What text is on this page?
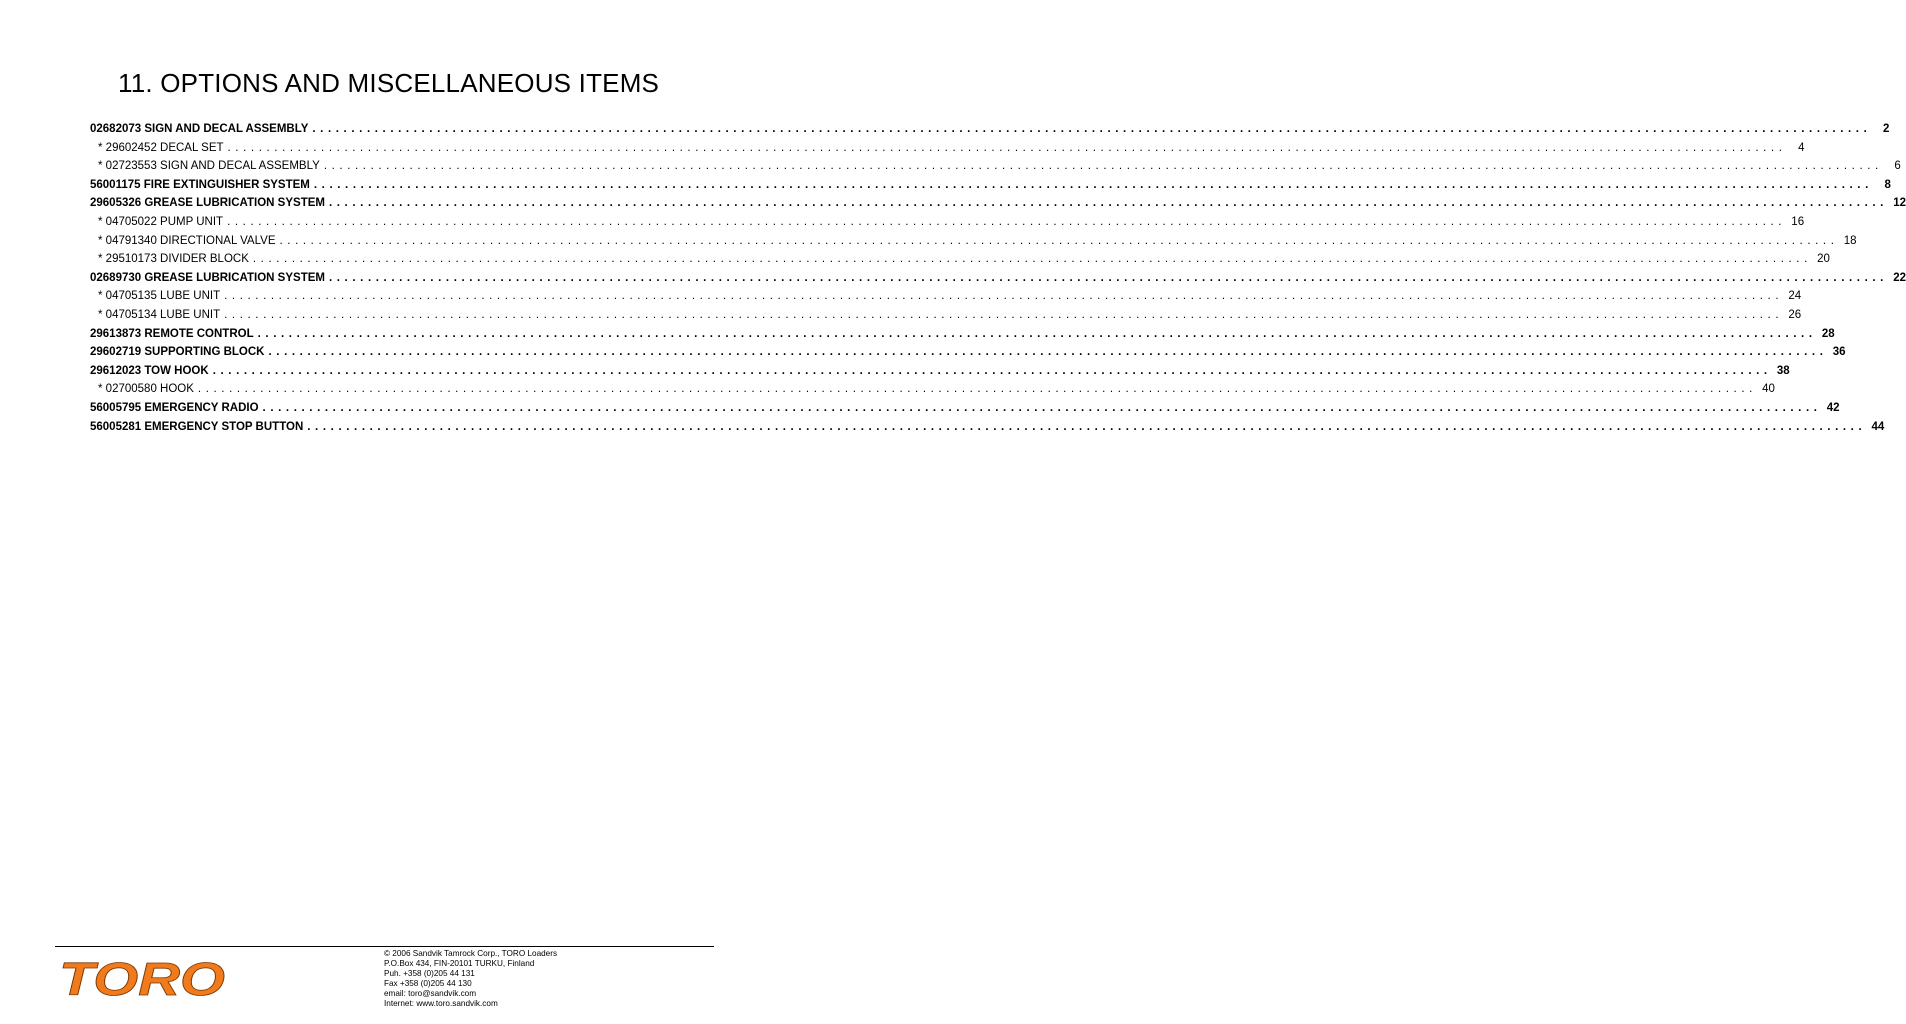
11. OPTIONS AND MISCELLANEOUS ITEMS
02682073 SIGN AND DECAL ASSEMBLY ........................................................................................................................................................................................................	2
* 29602452 DECAL SET ........................................................................................................................................................................................................	4
* 02723553 SIGN AND DECAL ASSEMBLY ........................................................................................................................................................................................................	6
56001175 FIRE EXTINGUISHER SYSTEM ........................................................................................................................................................................................................	8
29605326 GREASE LUBRICATION SYSTEM ........................................................................................................................................................................................................ 12
* 04705022 PUMP UNIT ........................................................................................................................................................................................................ 16
* 04791340 DIRECTIONAL VALVE ........................................................................................................................................................................................................ 18
* 29510173 DIVIDER BLOCK ........................................................................................................................................................................................................ 20
02689730 GREASE LUBRICATION SYSTEM ........................................................................................................................................................................................................ 22
* 04705135 LUBE UNIT ........................................................................................................................................................................................................ 24
* 04705134 LUBE UNIT ........................................................................................................................................................................................................ 26
29613873 REMOTE CONTROL ........................................................................................................................................................................................................ 28
29602719 SUPPORTING BLOCK ........................................................................................................................................................................................................ 36
29612023 TOW HOOK ........................................................................................................................................................................................................ 38
* 02700580 HOOK ........................................................................................................................................................................................................ 40
56005795 EMERGENCY RADIO ........................................................................................................................................................................................................ 42
56005281 EMERGENCY STOP BUTTON ........................................................................................................................................................................................................ 44
TORO	© 2006 Sandvik Tamrock Corp., TORO Loaders
P.O.Box 434, FIN-20101 TURKU, Finland
Puh. +358 (0)205 44 131
Fax +358 (0)205 44 130
email: toro@sandvik.com
Internet: www.toro.sandvik.com
